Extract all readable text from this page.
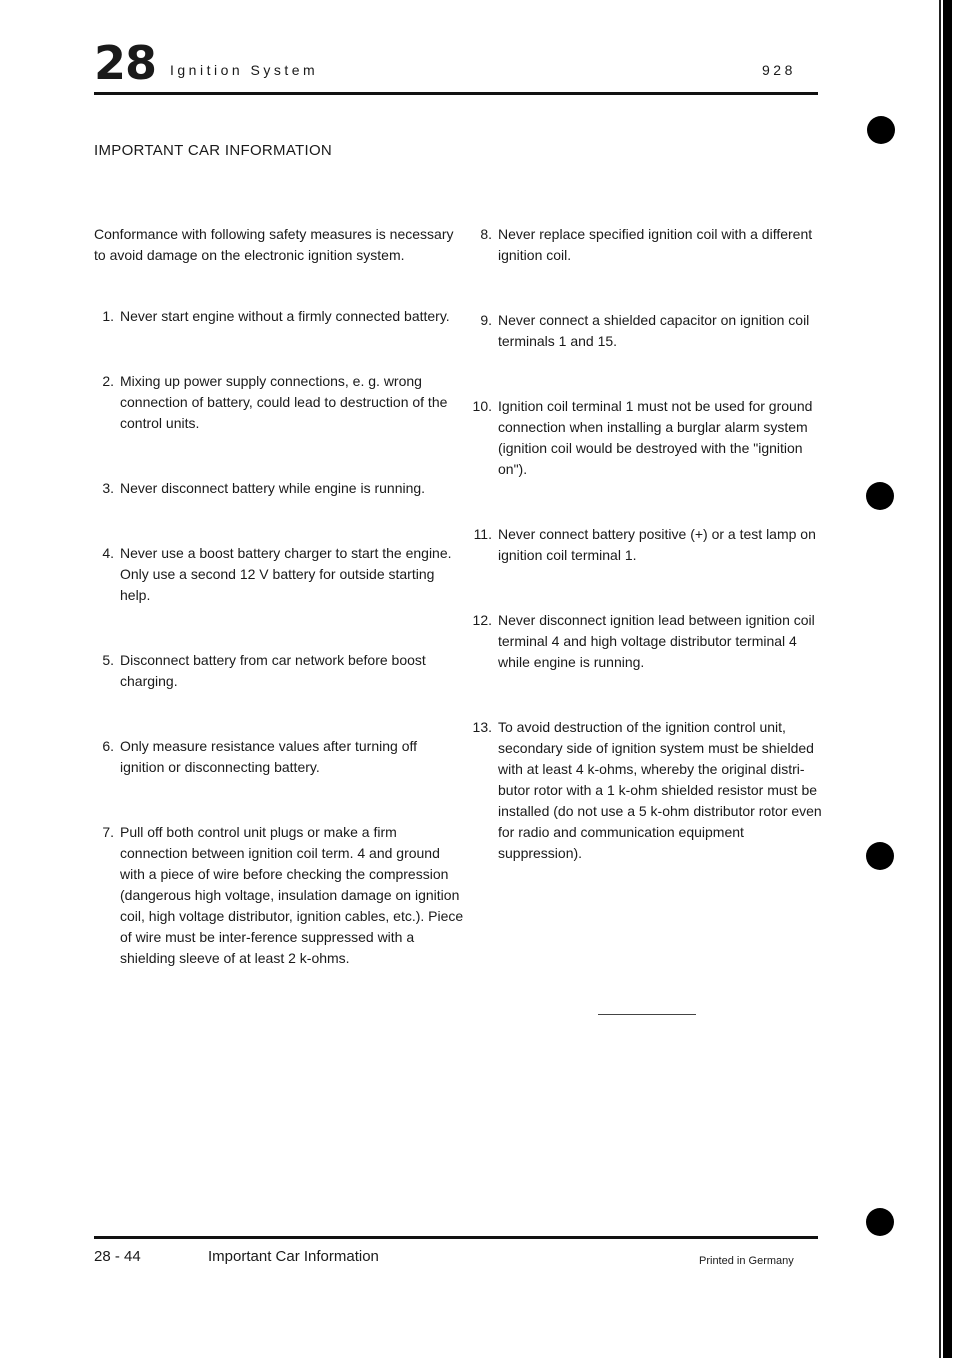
28 Ignition System	928
IMPORTANT CAR INFORMATION
Conformance with following safety measures is necessary to avoid damage on the electronic ignition system.
1. Never start engine without a firmly connected battery.
2. Mixing up power supply connections, e. g. wrong connection of battery, could lead to destruction of the control units.
3. Never disconnect battery while engine is running.
4. Never use a boost battery charger to start the engine. Only use a second 12 V battery for outside starting help.
5. Disconnect battery from car network before boost charging.
6. Only measure resistance values after turning off ignition or disconnecting battery.
7. Pull off both control unit plugs or make a firm connection between ignition coil term. 4 and ground with a piece of wire before checking the compression (dangerous high voltage, insulation damage on ignition coil, high voltage distributor, ignition cables, etc.). Piece of wire must be inter-ference suppressed with a shielding sleeve of at least 2 k-ohms.
8. Never replace specified ignition coil with a different ignition coil.
9. Never connect a shielded capacitor on ignition coil terminals 1 and 15.
10. Ignition coil terminal 1 must not be used for ground connection when installing a burglar alarm system (ignition coil would be destroyed with the "ignition on").
11. Never connect battery positive (+) or a test lamp on ignition coil terminal 1.
12. Never disconnect ignition lead between ignition coil terminal 4 and high voltage distributor terminal 4 while engine is running.
13. To avoid destruction of the ignition control unit, secondary side of ignition system must be shielded with at least 4 k-ohms, whereby the original distri-butor rotor with a 1 k-ohm shielded resistor must be installed (do not use a 5 k-ohm distributor rotor even for radio and communication equipment suppression).
28 - 44	Important Car Information	Printed in Germany
